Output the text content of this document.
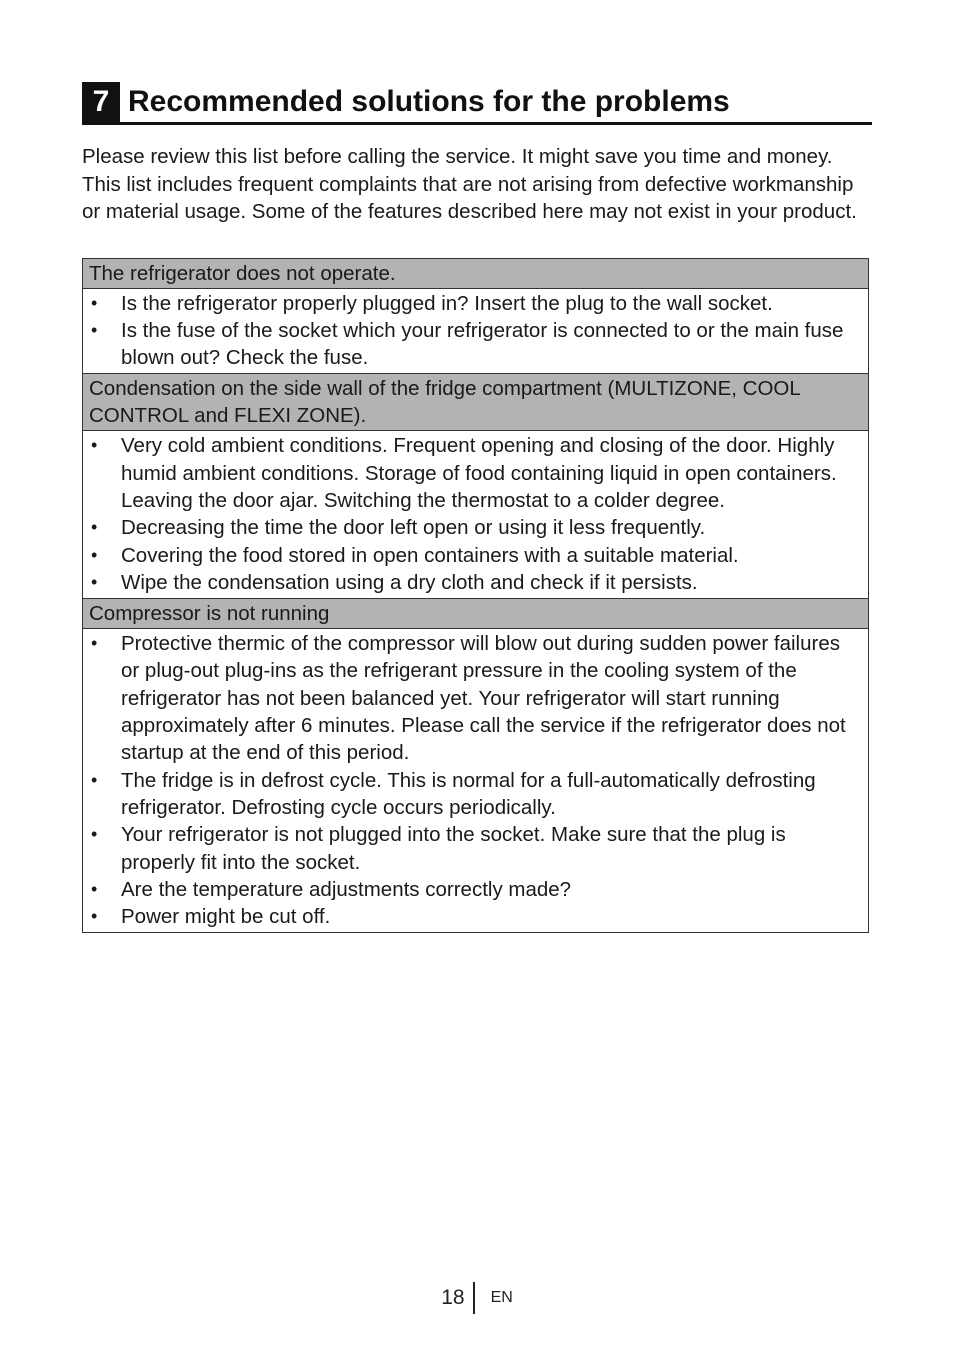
7 Recommended solutions for the problems

Please review this list before calling the service. It might save you time and money. This list includes frequent complaints that are not arising from defective workmanship or material usage. Some of the features described here may not exist in your product.

The refrigerator does not operate.
• Is the refrigerator properly plugged in? Insert the plug to the wall socket.
• Is the fuse of the socket which your refrigerator is connected to or the main fuse blown out? Check the fuse.
Condensation on the side wall of the fridge compartment (MULTIZONE, COOL CONTROL and FLEXI ZONE).
• Very cold ambient conditions. Frequent opening and closing of the door. Highly humid ambient conditions. Storage of food containing liquid in open containers. Leaving the door ajar. Switching the thermostat to a colder degree.
• Decreasing the time the door left open or using it less frequently.
• Covering the food stored in open containers with a suitable material.
• Wipe the condensation using a dry cloth and check if it persists.
Compressor is not running
• Protective thermic of the compressor will blow out during sudden power failures or plug-out plug-ins as the refrigerant pressure in the cooling system of the refrigerator has not been balanced yet. Your refrigerator will start running approximately after 6 minutes. Please call the service if the refrigerator does not startup at the end of this period.
• The fridge is in defrost cycle. This is normal for a full-automatically defrosting refrigerator. Defrosting cycle occurs periodically.
• Your refrigerator is not plugged into the socket. Make sure that the plug is properly fit into the socket.
• Are the temperature adjustments correctly made?
• Power might be cut off.
18	EN
